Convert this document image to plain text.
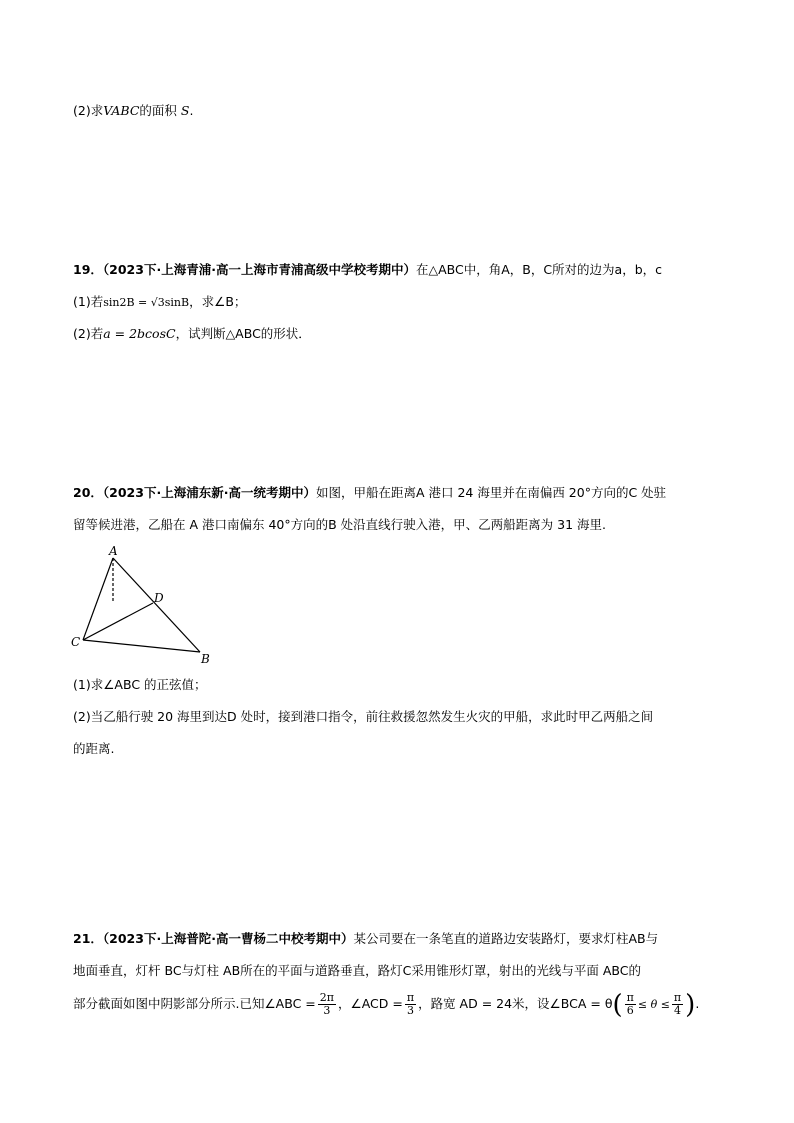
(2)求VABC的面积 S.
19．（2023下·上海青浦·高一上海市青浦高级中学校考期中）在△ABC中，角A，B，C所对的边为a，b，c
(1)若sin2B = √3sinB，求∠B；
(2)若a = 2bcosC，试判断△ABC的形状．
20．（2023下·上海浦东新·高一统考期中）如图，甲船在距离A 港口 24 海里并在南偏西 20°方向的C 处驻
留等候进港，乙船在 A 港口南偏东 40°方向的B 处沿直线行驶入港，甲、乙两船距离为 31 海里.
A
B
C
D
(1)求∠ABC 的正弦值；
(2)当乙船行驶 20 海里到达D 处时，接到港口指令，前往救援忽然发生火灾的甲船，求此时甲乙两船之间
的距离.
21．（2023下·上海普陀·高一曹杨二中校考期中）某公司要在一条笔直的道路边安装路灯，要求灯柱AB与
地面垂直，灯杆 BC与灯柱 AB所在的平面与道路垂直，路灯C采用锥形灯罩，射出的光线与平面 ABC的
部分截面如图中阴影部分所示.已知∠ABC = $\frac{2\pi}{3}$ ，∠ACD = $\frac{\pi}{3}$ ，路宽 AD = 24米，设∠BCA = $\theta( \frac{\pi}{6} \le \theta \le \frac{\pi}{4}$ ).
